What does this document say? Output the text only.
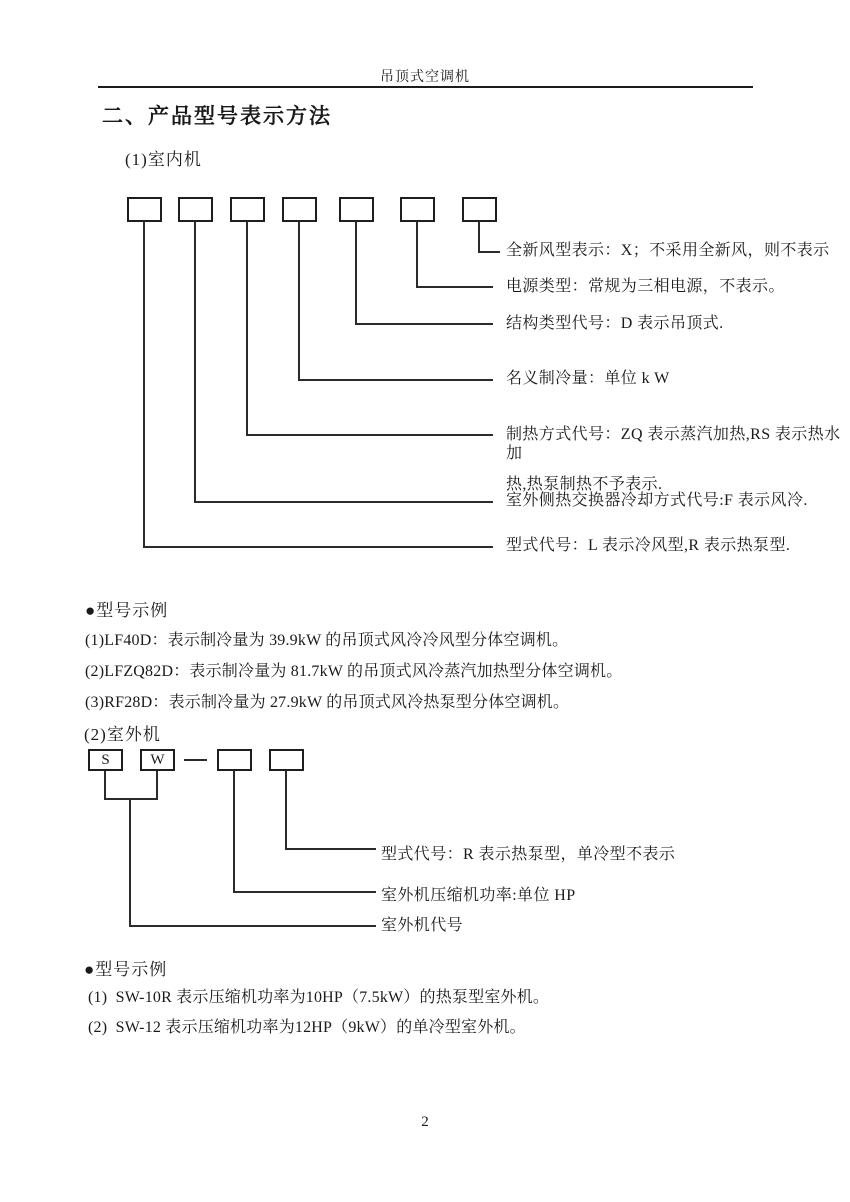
吊顶式空调机
二、产品型号表示方法
(1)室内机
全新风型表示：X；不采用全新风，则不表示
电源类型：常规为三相电源，不表示。
结构类型代号：D 表示吊顶式.
名义制冷量：单位 k W
制热方式代号：ZQ 表示蒸汽加热,RS 表示热水加
热,热泵制热不予表示.
室外侧热交换器冷却方式代号:F 表示风冷.
型式代号：L 表示冷风型,R 表示热泵型.
●型号示例
(1)LF40D：表示制冷量为 39.9kW 的吊顶式风冷冷风型分体空调机。
(2)LFZQ82D：表示制冷量为 81.7kW 的吊顶式风冷蒸汽加热型分体空调机。
(3)RF28D：表示制冷量为 27.9kW 的吊顶式风冷热泵型分体空调机。
(2)室外机
S	W
型式代号：R 表示热泵型，单冷型不表示
室外机压缩机功率:单位 HP
室外机代号
●型号示例
(1)  SW-10R 表示压缩机功率为10HP（7.5kW）的热泵型室外机。
(2)  SW-12 表示压缩机功率为12HP（9kW）的单冷型室外机。
2
